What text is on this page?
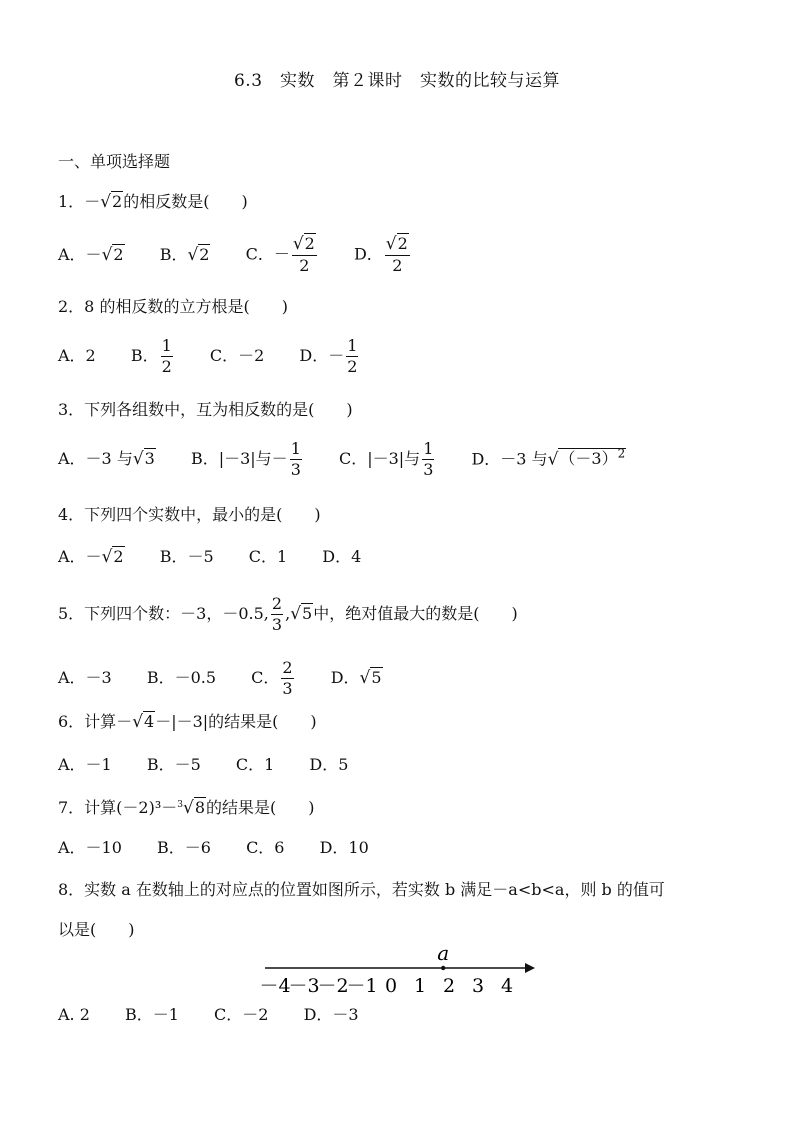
6.3　实数　第２课时　实数的比较与运算
一、单项选择题
1．－√2的相反数是(　　)
A．－√2 B．√2 C．－ $\frac{√2}{2}$ D． $\frac{√2}{2}$
2．8 的相反数的立方根是(　　)
A．2 B． $\frac{1}{2}$ C．－2 D．－ $\frac{1}{2}$
3．下列各组数中，互为相反数的是(　　)
A．－3 与√3 B．|－3|与－ $\frac{1}{3}$ C．|－3|与 $\frac{1}{3}$ D．－3 与$√(-3)^2$
4．下列四个实数中，最小的是(　　)
A．－√2 B．－5 C．1 D．4
5．下列四个数：－3，－0.5, $\frac{2}{3} ,√5$中，绝对值最大的数是(　　)
A．－3 B．－0.5 C． $\frac{2}{3}$ D．√5
6．计算－√4－|－3|的结果是(　　)
A．－1 B．－5 C．1 D．5
7．计算(－2)³－$^3$√8的结果是(　　)
A．－10 B．－6 C．6 D．10
8．实数 a 在数轴上的对应点的位置如图所示，若实数 b 满足－a<b<a，则 b 的值可
以是(　　)
－4
－3
－2
－1 0 1 2 3 4
a
A. 2 B．－1 C．－2 D．－3
